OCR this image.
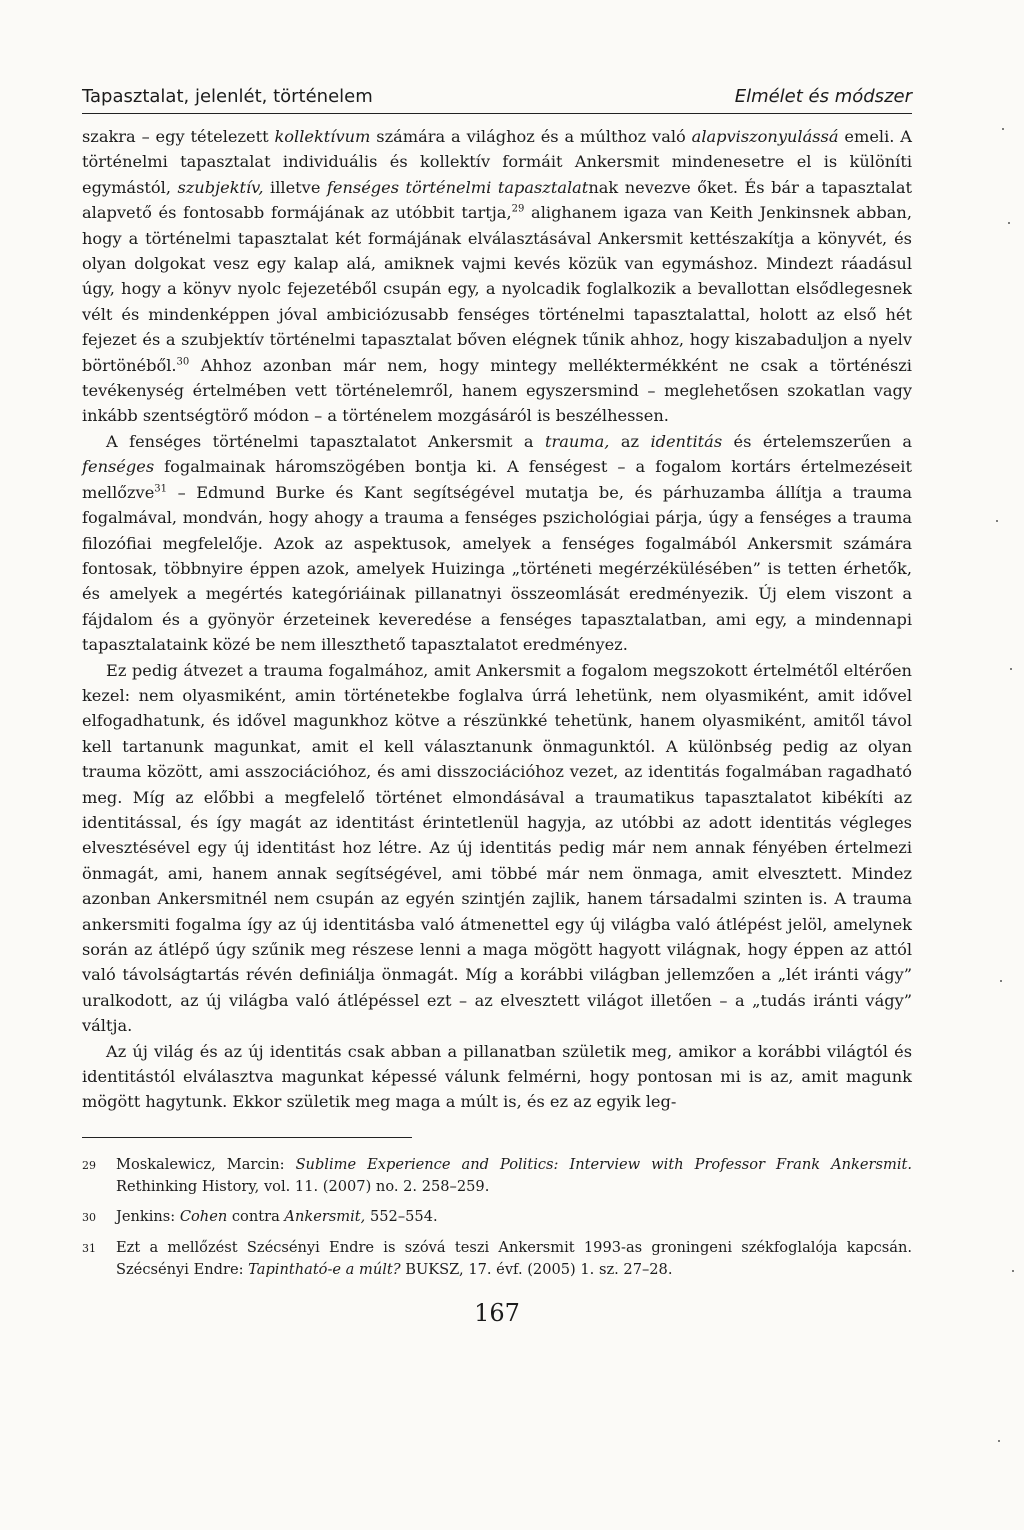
Tapasztalat, jelenlét, történelem	Elmélet és módszer

szakra – egy tételezett kollektívum számára a világhoz és a múlthoz való alapviszonyulássá emeli. A történelmi tapasztalat individuális és kollektív formáit Ankersmit mindenesetre el is különíti egymástól, szubjektív, illetve fenséges történelmi tapasztalatnak nevezve őket. És bár a tapasztalat alapvető és fontosabb formájának az utóbbit tartja,$^{29}$ alighanem igaza van Keith Jenkinsnek abban, hogy a történelmi tapasztalat két formájának elválasztásával Ankersmit kettészakítja a könyvét, és olyan dolgokat vesz egy kalap alá, amiknek vajmi kevés közük van egymáshoz. Mindezt ráadásul úgy, hogy a könyv nyolc fejezetéből csupán egy, a nyolcadik foglalkozik a bevallottan elsődlegesnek vélt és mindenképpen jóval ambiciózusabb fenséges történelmi tapasztalattal, holott az első hét fejezet és a szubjektív történelmi tapasztalat bőven elégnek tűnik ahhoz, hogy kiszabaduljon a nyelv börtönéből.$^{30}$ Ahhoz azonban már nem, hogy mintegy melléktermékként ne csak a történészi tevékenység értelmében vett történelemről, hanem egyszersmind – meglehetősen szokatlan vagy inkább szentségtörő módon – a történelem mozgásáról is beszélhessen.

A fenséges történelmi tapasztalatot Ankersmit a trauma, az identitás és értelemszerűen a fenséges fogalmainak háromszögében bontja ki. A fenségest – a fogalom kortárs értelmezéseit mellőzve$^{31}$ – Edmund Burke és Kant segítségével mutatja be, és párhuzamba állítja a trauma fogalmával, mondván, hogy ahogy a trauma a fenséges pszichológiai párja, úgy a fenséges a trauma filozófiai megfelelője. Azok az aspektusok, amelyek a fenséges fogalmából Ankersmit számára fontosak, többnyire éppen azok, amelyek Huizinga „történeti megérzékülésében” is tetten érhetők, és amelyek a megértés kategóriáinak pillanatnyi összeomlását eredményezik. Új elem viszont a fájdalom és a gyönyör érzeteinek keveredése a fenséges tapasztalatban, ami egy, a mindennapi tapasztalataink közé be nem illeszthető tapasztalatot eredményez.

Ez pedig átvezet a trauma fogalmához, amit Ankersmit a fogalom megszokott értelmétől eltérően kezel: nem olyasmiként, amin történetekbe foglalva úrrá lehetünk, nem olyasmiként, amit idővel elfogadhatunk, és idővel magunkhoz kötve a részünkké tehetünk, hanem olyasmiként, amitől távol kell tartanunk magunkat, amit el kell választanunk önmagunktól. A különbség pedig az olyan trauma között, ami asszociációhoz, és ami disszociációhoz vezet, az identitás fogalmában ragadható meg. Míg az előbbi a megfelelő történet elmondásával a traumatikus tapasztalatot kibékíti az identitással, és így magát az identitást érintetlenül hagyja, az utóbbi az adott identitás végleges elvesztésével egy új identitást hoz létre. Az új identitás pedig már nem annak fényében értelmezi önmagát, ami, hanem annak segítségével, ami többé már nem önmaga, amit elvesztett. Mindez azonban Ankersmitnél nem csupán az egyén szintjén zajlik, hanem társadalmi szinten is. A trauma ankersmiti fogalma így az új identitásba való átmenettel egy új világba való átlépést jelöl, amelynek során az átlépő úgy szűnik meg részese lenni a maga mögött hagyott világnak, hogy éppen az attól való távolságtartás révén definiálja önmagát. Míg a korábbi világban jellemzően a „lét iránti vágy” uralkodott, az új világba való átlépéssel ezt – az elvesztett világot illetően – a „tudás iránti vágy” váltja.

Az új világ és az új identitás csak abban a pillanatban születik meg, amikor a korábbi világtól és identitástól elválasztva magunkat képessé válunk felmérni, hogy pontosan mi is az, amit magunk mögött hagytunk. Ekkor születik meg maga a múlt is, és ez az egyik leg-

29	Moskalewicz, Marcin: Sublime Experience and Politics: Interview with Professor Frank Ankersmit. Rethinking History, vol. 11. (2007) no. 2. 258–259.
30	Jenkins: Cohen contra Ankersmit, 552–554.
31	Ezt a mellőzést Szécsényi Endre is szóvá teszi Ankersmit 1993-as groningeni székfoglalója kapcsán. Szécsényi Endre: Tapintható-e a múlt? BUKSZ, 17. évf. (2005) 1. sz. 27–28.
167
